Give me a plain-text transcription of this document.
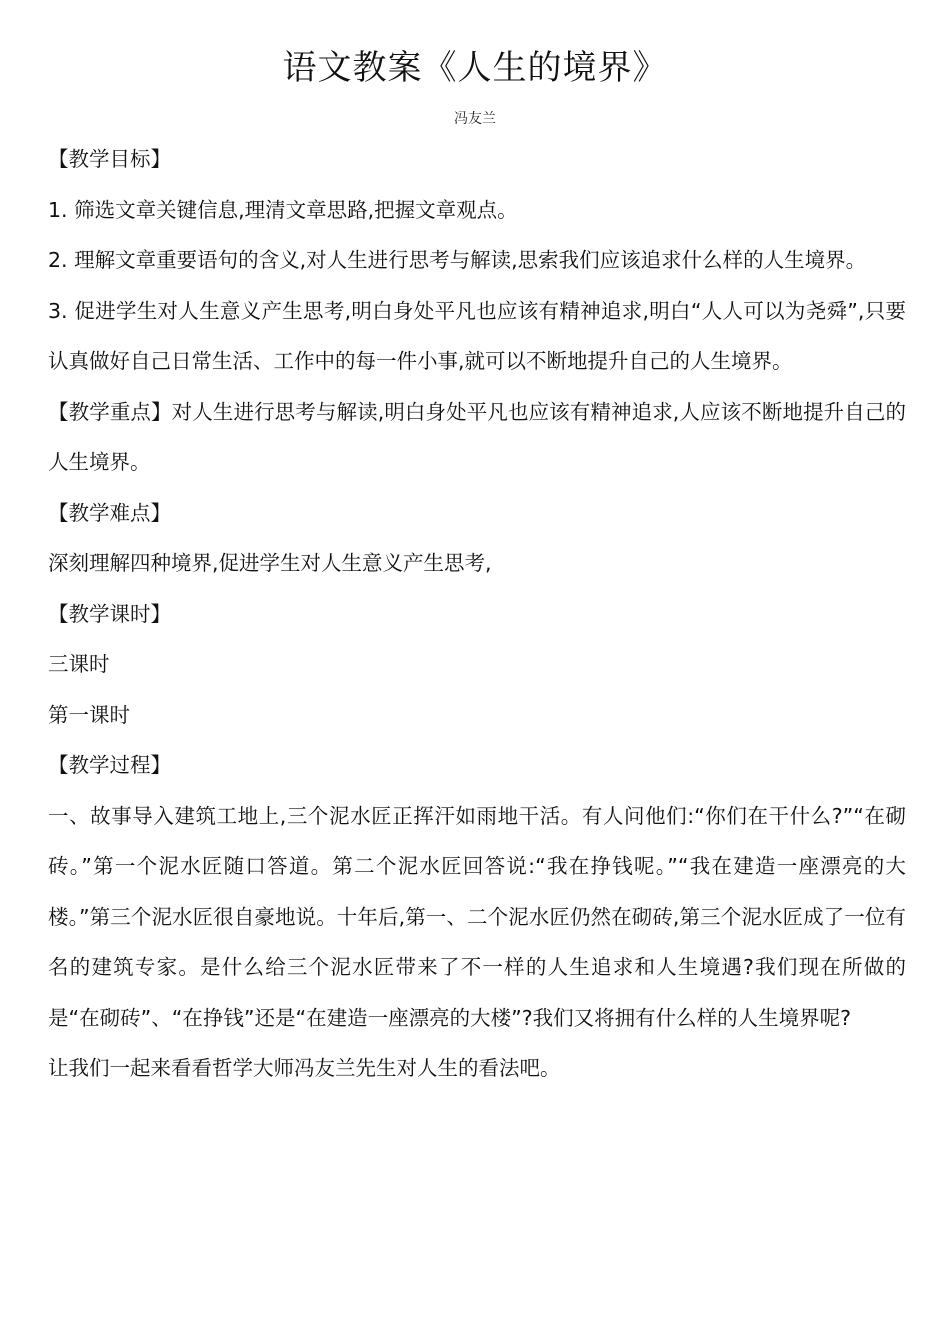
语文教案《人生的境界》
冯友兰

【教学目标】

1. 筛选文章关键信息,理清文章思路,把握文章观点。

2. 理解文章重要语句的含义,对人生进行思考与解读,思索我们应该追求什么样的人生境界。

3. 促进学生对人生意义产生思考,明白身处平凡也应该有精神追求,明白“人人可以为尧舜”,只要认真做好自己日常生活、工作中的每一件小事,就可以不断地提升自己的人生境界。

【教学重点】对人生进行思考与解读,明白身处平凡也应该有精神追求,人应该不断地提升自己的人生境界。

【教学难点】

深刻理解四种境界,促进学生对人生意义产生思考,

【教学课时】

三课时

第一课时

【教学过程】

一、故事导入建筑工地上,三个泥水匠正挥汗如雨地干活。有人问他们:“你们在干什么?”“在砌砖。”第一个泥水匠随口答道。第二个泥水匠回答说:“我在挣钱呢。”“我在建造一座漂亮的大楼。”第三个泥水匠很自豪地说。十年后,第一、二个泥水匠仍然在砌砖,第三个泥水匠成了一位有名的建筑专家。是什么给三个泥水匠带来了不一样的人生追求和人生境遇?我们现在所做的是“在砌砖”、“在挣钱”还是“在建造一座漂亮的大楼”?我们又将拥有什么样的人生境界呢?

让我们一起来看看哲学大师冯友兰先生对人生的看法吧。
